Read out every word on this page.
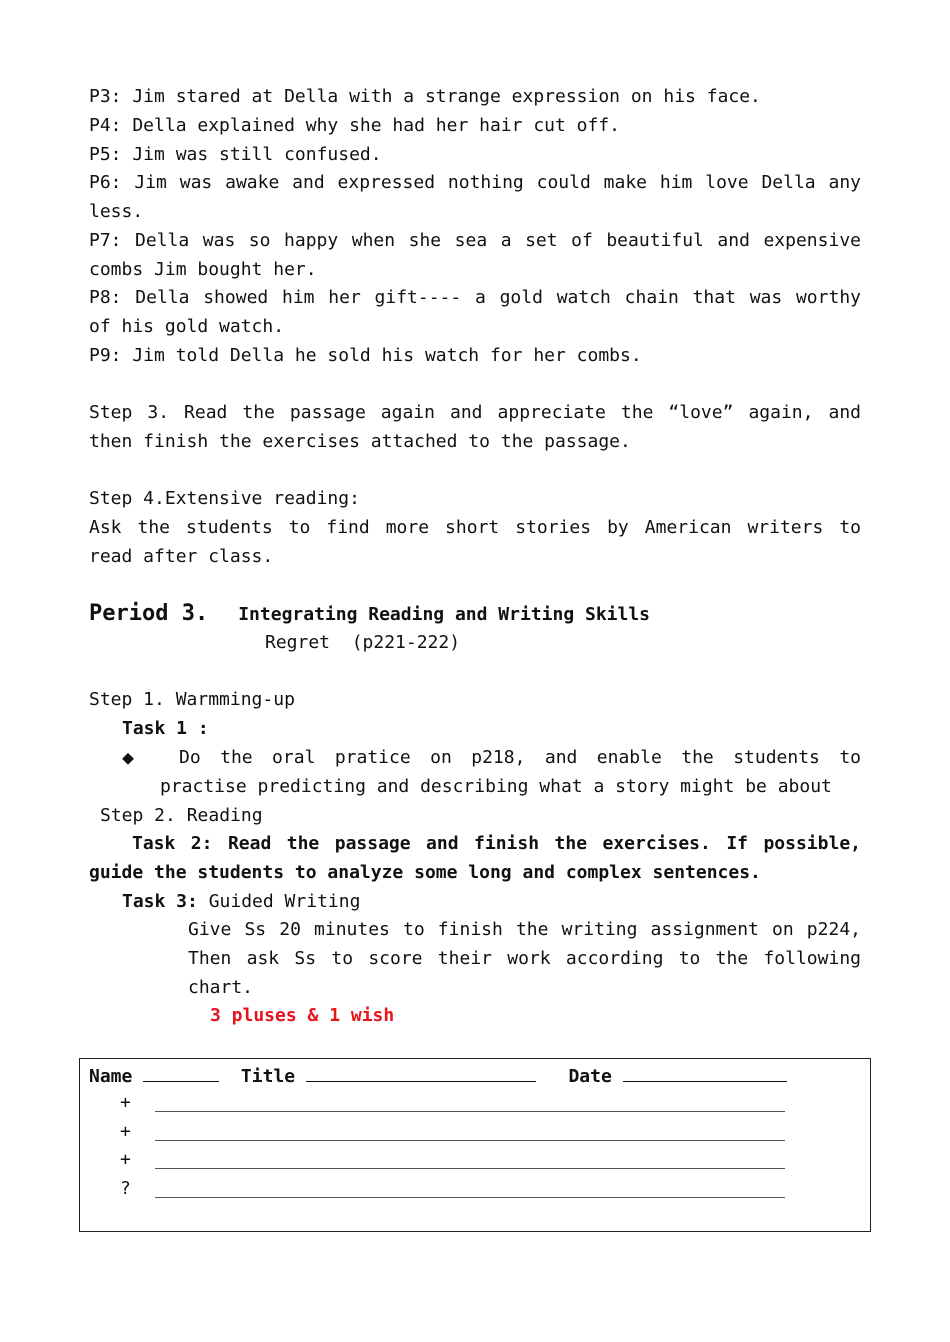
P3: Jim stared at Della with a strange expression on his face.
P4: Della explained why she had her hair cut off.
P5: Jim was still confused.
P6: Jim was awake and expressed nothing could make him love Della any
less.
P7: Della was so happy when she sea a set of beautiful and expensive
combs Jim bought her.
P8: Della showed him her gift---- a gold watch chain that was worthy
of his gold watch.
P9: Jim told Della he sold his watch for her combs.
Step 3. Read the passage again and appreciate the “love” again, and
then finish the exercises attached to the passage.
Step 4.Extensive reading:
Ask the students to find more short stories by American writers to
read after class.
Period 3. Integrating Reading and Writing Skills
Regret  (p221-222)
Step 1. Warmming-up
Task 1 :
◆ Do the oral pratice on p218, and enable the students to
practise predicting and describing what a story might be about
Step 2. Reading
Task 2: Read the passage and finish the exercises. If possible,
guide the students to analyze some long and complex sentences.
Task 3: Guided Writing
Give Ss 20 minutes to finish the writing assignment on p224,
Then ask Ss to score their work according to the following
chart.
3 pluses & 1 wish
Name	Title	Date
+
+
+
?
